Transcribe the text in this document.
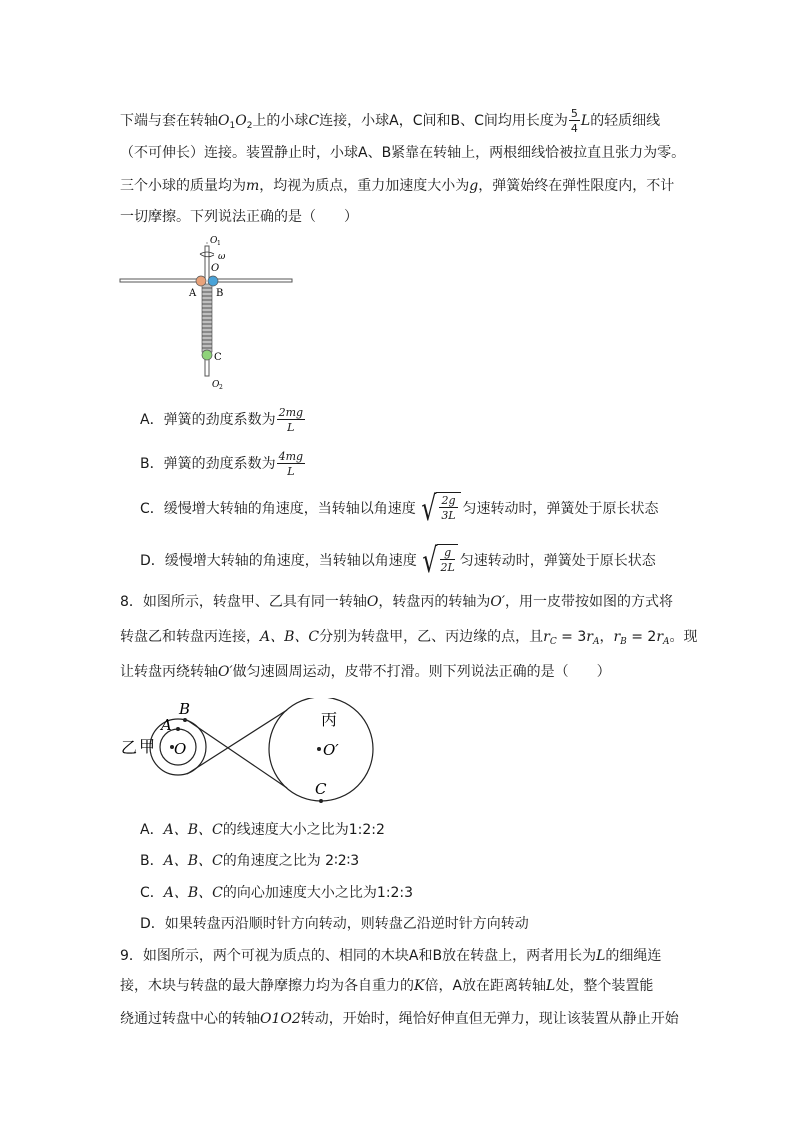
下端与套在转轴$O_1O_2$上的小球C连接，小球A，C间和B、C间均用长度为 $\frac{5}{4}$ L的轻质细线
（不可伸长）连接。装置静止时，小球A、B紧靠在转轴上，两根细线恰被拉直且张力为零。
三个小球的质量均为m，均视为质点，重力加速度大小为g，弹簧始终在弹性限度内，不计
一切摩擦。下列说法正确的是（　　）
O 1
ω
O
A B
C
O 2
A．弹簧的劲度系数为 $\frac{2mg}{L}$
B．弹簧的劲度系数为 $\frac{4mg}{L}$
C．缓慢增大转轴的角速度，当转轴以角速度 √ $\frac{2g}{3L}$ 匀速转动时，弹簧处于原长状态
D．缓慢增大转轴的角速度，当转轴以角速度 √ $\frac{g}{2L}$ 匀速转动时，弹簧处于原长状态
8．如图所示，转盘甲、乙具有同一转轴O，转盘丙的转轴为O′，用一皮带按如图的方式将
转盘乙和转盘丙连接，A、B、C分别为转盘甲，乙、丙边缘的点，且$r_C = 3r_A$，$r_B = 2r_A$。现
让转盘丙绕转轴O′做匀速圆周运动，皮带不打滑。则下列说法正确的是（　　）
乙 甲
A
B
O
丙
O′
C
A．A、B、C的线速度大小之比为1:2:2
B．A、B、C的角速度之比为 2∶2∶3
C．A、B、C的向心加速度大小之比为1:2:3
D．如果转盘丙沿顺时针方向转动，则转盘乙沿逆时针方向转动
9．如图所示，两个可视为质点的、相同的木块A和B放在转盘上，两者用长为L的细绳连
接，木块与转盘的最大静摩擦力均为各自重力的K倍，A放在距离转轴L处，整个装置能
绕通过转盘中心的转轴O1O2转动，开始时，绳恰好伸直但无弹力，现让该装置从静止开始
